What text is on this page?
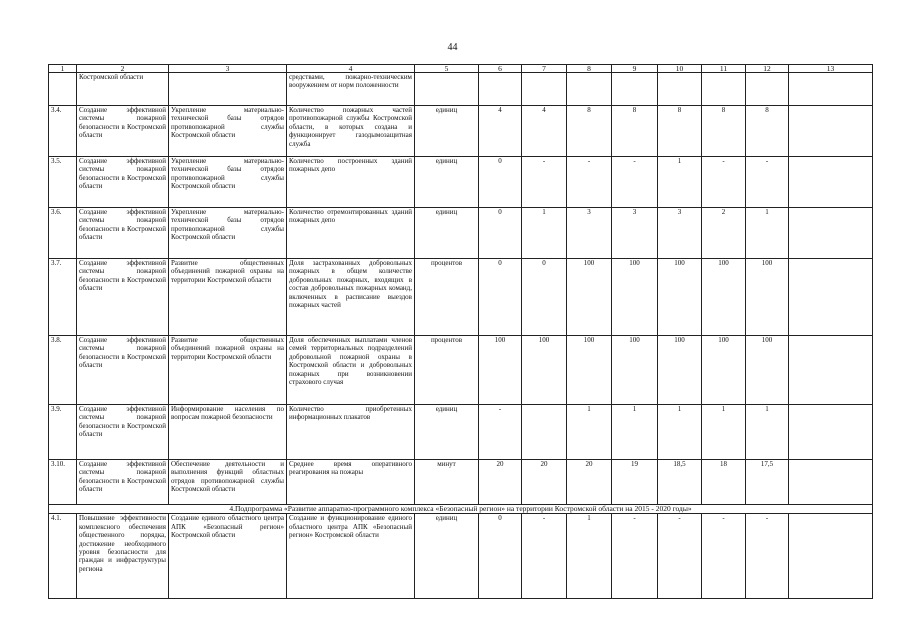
44
1	2	3	4	5	6	7	8	9	10	11	12	13
	Костромской области		средствами, пожарно-техническим вооружением от норм положенности									
3.4.	Создание эффективной системы пожарной безопасности в Костромской области	Укрепление материально-технической базы отрядов противопожарной службы Костромской области	Количество пожарных частей противопожарной службы Костромской области, в которых создана и функционирует газодымозащитная служба	единиц	4	4	8	8	8	8	8	
3.5.	Создание эффективной системы пожарной безопасности в Костромской области	Укрепление материально-технической базы отрядов противопожарной службы Костромской области	Количество построенных зданий пожарных депо	единиц	0	-	-	-	1	-	-	
3.6.	Создание эффективной системы пожарной безопасности в Костромской области	Укрепление материально-технической базы отрядов противопожарной службы Костромской области	Количество отремонтированных зданий пожарных депо	единиц	0	1	3	3	3	2	1	
3.7.	Создание эффективной системы пожарной безопасности в Костромской области	Развитие общественных объединений пожарной охраны на территории Костромской области	Доля застрахованных добровольных пожарных в общем количестве добровольных пожарных, входящих в состав добровольных пожарных команд, включенных в расписание выездов пожарных частей	процентов	0	0	100	100	100	100	100	
3.8.	Создание эффективной системы пожарной безопасности в Костромской области	Развитие общественных объединений пожарной охраны на территории Костромской области	Доля обеспеченных выплатами членов семей территориальных подразделений добровольной пожарной охраны в Костромской области и добровольных пожарных при возникновении страхового случая	процентов	100	100	100	100	100	100	100	
3.9.	Создание эффективной системы пожарной безопасности в Костромской области	Информирование населения по вопросам пожарной безопасности	Количество приобретенных информационных плакатов	единиц	-		1	1	1	1	1	
3.10.	Создание эффективной системы пожарной безопасности в Костромской области	Обеспечение деятельности и выполнения функций областных отрядов противопожарной службы Костромской области	Среднее время оперативного реагирования на пожары	минут	20	20	20	19	18,5	18	17,5	
4.Подпрограмма «Развитие аппаратно-программного комплекса «Безопасный регион» на территории Костромской области на 2015 - 2020 годы»												
4.1.	Повышение эффективности комплексного обеспечения общественного порядка, достижение необходимого уровня безопасности для граждан и инфраструктуры региона	Создание единого областного центра АПК «Безопасный регион» Костромской области	Создание и функционирование единого областного центра АПК «Безопасный регион» Костромской области	единиц	0	-	1	-	-	-	-	
